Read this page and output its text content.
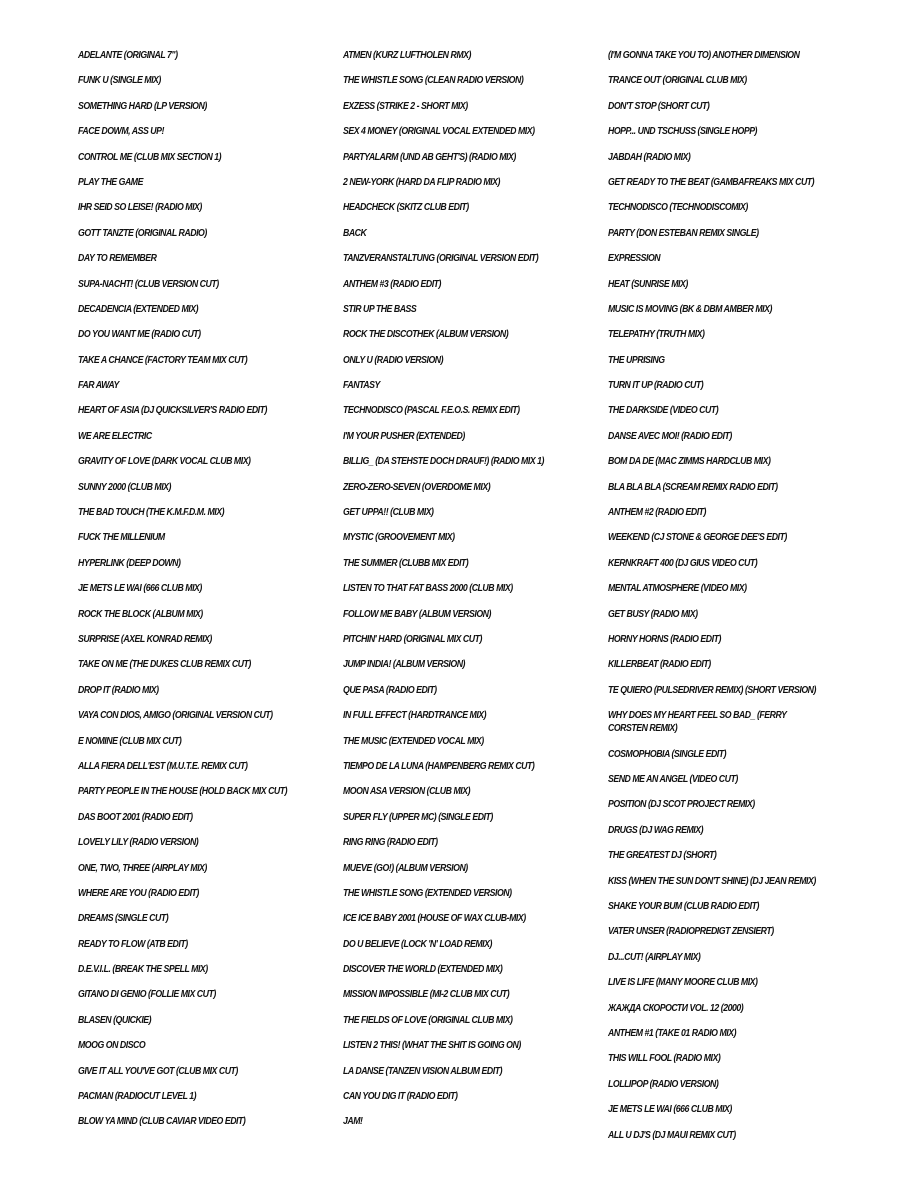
ADELANTE (ORIGINAL 7")
FUNK U (SINGLE MIX)
SOMETHING HARD (LP VERSION)
FACE DOWM, ASS UP!
CONTROL ME (CLUB MIX SECTION 1)
PLAY THE GAME
IHR SEID SO LEISE! (RADIO MIX)
GOTT TANZTE (ORIGINAL RADIO)
DAY TO REMEMBER
SUPA-NACHT! (CLUB VERSION CUT)
DECADENCIA (EXTENDED MIX)
DO YOU WANT ME (RADIO CUT)
TAKE A CHANCE (FACTORY TEAM MIX CUT)
FAR AWAY
HEART OF ASIA (DJ QUICKSILVER'S RADIO EDIT)
WE ARE ELECTRIC
GRAVITY OF LOVE (DARK VOCAL CLUB MIX)
SUNNY 2000 (CLUB MIX)
THE BAD TOUCH (THE K.M.F.D.M. MIX)
FUCK THE MILLENIUM
HYPERLINK (DEEP DOWN)
JE METS LE WAI (666 CLUB MIX)
ROCK THE BLOCK (ALBUM MIX)
SURPRISE (AXEL KONRAD REMIX)
TAKE ON ME (THE DUKES CLUB REMIX CUT)
DROP IT (RADIO MIX)
VAYA CON DIOS, AMIGO (ORIGINAL VERSION CUT)
E NOMINE (CLUB MIX CUT)
ALLA FIERA DELL'EST (M.U.T.E. REMIX CUT)
PARTY PEOPLE IN THE HOUSE (HOLD BACK MIX CUT)
DAS BOOT 2001 (RADIO EDIT)
LOVELY LILY (RADIO VERSION)
ONE, TWO, THREE (AIRPLAY MIX)
WHERE ARE YOU (RADIO EDIT)
DREAMS (SINGLE CUT)
READY TO FLOW (ATB EDIT)
D.E.V.I.L. (BREAK THE SPELL MIX)
GITANO DI GENIO (FOLLIE MIX CUT)
BLASEN (QUICKIE)
MOOG ON DISCO
GIVE IT ALL YOU'VE GOT (CLUB MIX CUT)
PACMAN (RADIOCUT LEVEL 1)
BLOW YA MIND (CLUB CAVIAR VIDEO EDIT)
ATMEN (KURZ LUFTHOLEN RMX)
THE WHISTLE SONG (CLEAN RADIO VERSION)
EXZESS (STRIKE 2 - SHORT MIX)
SEX 4 MONEY (ORIGINAL VOCAL EXTENDED MIX)
PARTYALARM (UND AB GEHT'S) (RADIO MIX)
2 NEW-YORK (HARD DA FLIP RADIO MIX)
HEADCHECK (SKITZ CLUB EDIT)
BACK
TANZVERANSTALTUNG (ORIGINAL VERSION EDIT)
ANTHEM #3 (RADIO EDIT)
STIR UP THE BASS
ROCK THE DISCOTHEK (ALBUM VERSION)
ONLY U (RADIO VERSION)
FANTASY
TECHNODISCO (PASCAL F.E.O.S. REMIX EDIT)
I'M YOUR PUSHER (EXTENDED)
BILLIG_ (DA STEHSTE DOCH DRAUF!) (RADIO MIX 1)
ZERO-ZERO-SEVEN (OVERDOME MIX)
GET UPPA!! (CLUB MIX)
MYSTIC (GROOVEMENT MIX)
THE SUMMER (CLUBB MIX EDIT)
LISTEN TO THAT FAT BASS 2000 (CLUB MIX)
FOLLOW ME BABY (ALBUM VERSION)
PITCHIN' HARD (ORIGINAL MIX CUT)
JUMP INDIA! (ALBUM VERSION)
QUE PASA (RADIO EDIT)
IN FULL EFFECT (HARDTRANCE MIX)
THE MUSIC (EXTENDED VOCAL MIX)
TIEMPO DE LA LUNA (HAMPENBERG REMIX CUT)
MOON ASA VERSION (CLUB MIX)
SUPER FLY (UPPER MC) (SINGLE EDIT)
RING RING (RADIO EDIT)
MUEVE (GO!) (ALBUM VERSION)
THE WHISTLE SONG (EXTENDED VERSION)
ICE ICE BABY 2001 (HOUSE OF WAX CLUB-MIX)
DO U BELIEVE (LOCK 'N' LOAD REMIX)
DISCOVER THE WORLD (EXTENDED MIX)
MISSION IMPOSSIBLE (MI-2 CLUB MIX CUT)
THE FIELDS OF LOVE (ORIGINAL CLUB MIX)
LISTEN 2 THIS! (WHAT THE SHIT IS GOING ON)
LA DANSE (TANZEN VISION ALBUM EDIT)
CAN YOU DIG IT (RADIO EDIT)
JAM!
(I'M GONNA TAKE YOU TO) ANOTHER DIMENSION
TRANCE OUT (ORIGINAL CLUB MIX)
DON'T STOP (SHORT CUT)
HOPP... UND TSCHUSS (SINGLE HOPP)
JABDAH (RADIO MIX)
GET READY TO THE BEAT (GAMBAFREAKS MIX CUT)
TECHNODISCO (TECHNODISCOMIX)
PARTY (DON ESTEBAN REMIX SINGLE)
EXPRESSION
HEAT (SUNRISE MIX)
MUSIC IS MOVING (BK & DBM AMBER MIX)
TELEPATHY (TRUTH MIX)
THE UPRISING
TURN IT UP (RADIO CUT)
THE DARKSIDE (VIDEO CUT)
DANSE AVEC MOI! (RADIO EDIT)
BOM DA DE (MAC ZIMMS HARDCLUB MIX)
BLA BLA BLA (SCREAM REMIX RADIO EDIT)
ANTHEM #2 (RADIO EDIT)
WEEKEND (CJ STONE & GEORGE DEE'S EDIT)
KERNKRAFT 400 (DJ GIUS VIDEO CUT)
MENTAL ATMOSPHERE (VIDEO MIX)
GET BUSY (RADIO MIX)
HORNY HORNS (RADIO EDIT)
KILLERBEAT (RADIO EDIT)
TE QUIERO (PULSEDRIVER REMIX) (SHORT VERSION)
WHY DOES MY HEART FEEL SO BAD_ (FERRY CORSTEN REMIX)
COSMOPHOBIA (SINGLE EDIT)
SEND ME AN ANGEL (VIDEO CUT)
POSITION (DJ SCOT PROJECT REMIX)
DRUGS (DJ WAG REMIX)
THE GREATEST DJ (SHORT)
KISS (WHEN THE SUN DON'T SHINE) (DJ JEAN REMIX)
SHAKE YOUR BUM (CLUB RADIO EDIT)
VATER UNSER (RADIOPREDIGT ZENSIERT)
DJ...CUT! (AIRPLAY MIX)
LIVE IS LIFE (MANY MOORE CLUB MIX)
ЖАЖДА СКОРОСТИ VOL. 12 (2000)
ANTHEM #1 (TAKE 01 RADIO MIX)
THIS WILL FOOL (RADIO MIX)
LOLLIPOP (RADIO VERSION)
JE METS LE WAI (666 CLUB MIX)
ALL U DJ'S (DJ MAUI REMIX CUT)
